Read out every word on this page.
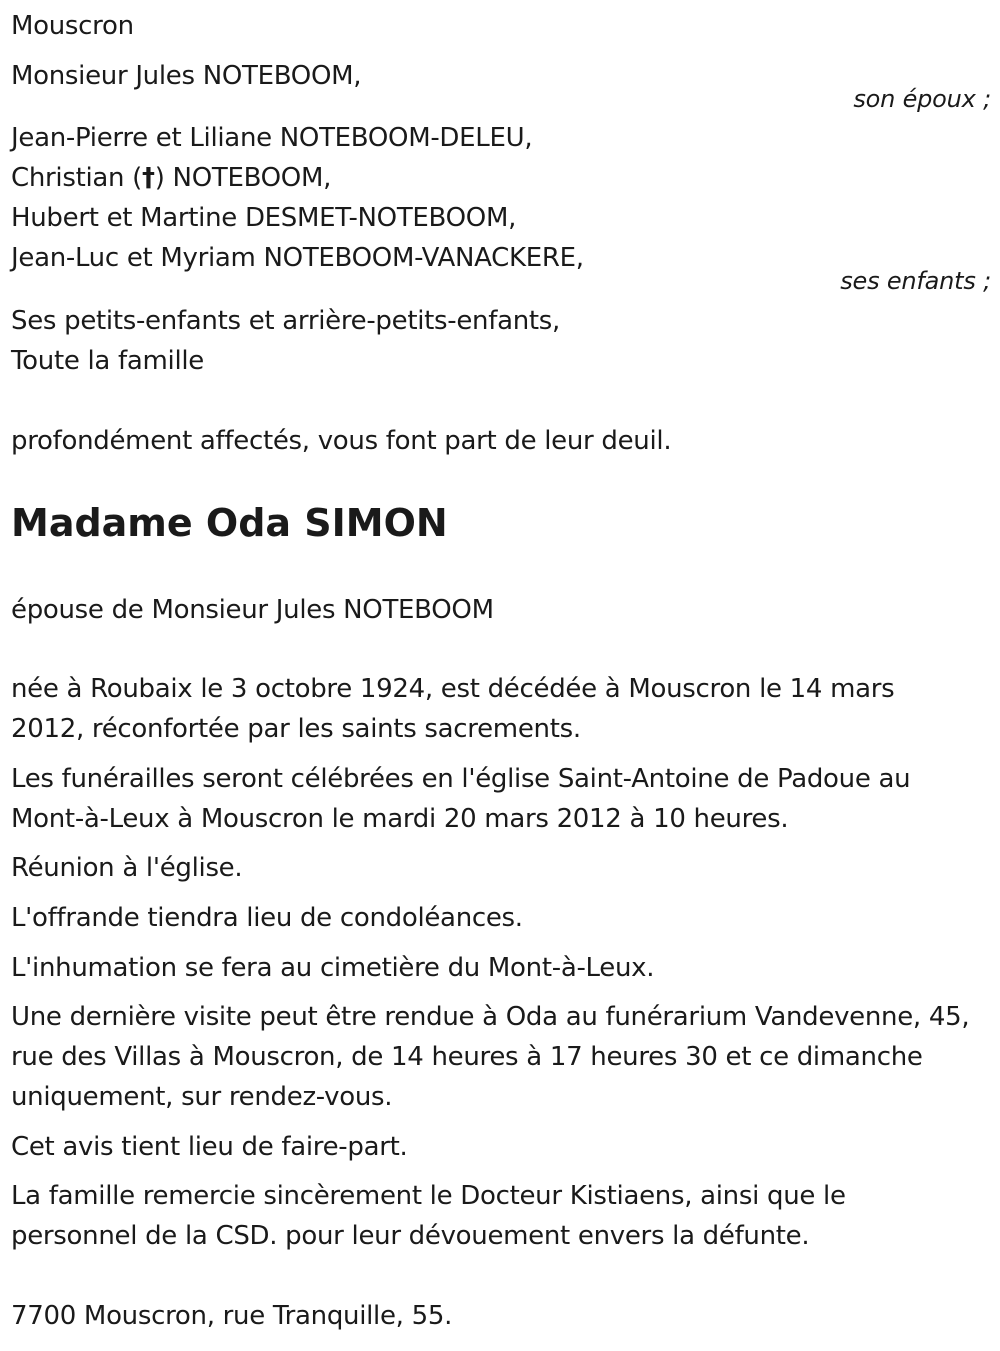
Mouscron
Monsieur Jules NOTEBOOM,
son époux ;
Jean-Pierre et Liliane NOTEBOOM-DELEU,
Christian (†) NOTEBOOM,
Hubert et Martine DESMET-NOTEBOOM,
Jean-Luc et Myriam NOTEBOOM-VANACKERE,
ses enfants ;
Ses petits-enfants et arrière-petits-enfants,
Toute la famille
profondément affectés, vous font part de leur deuil.
Madame Oda SIMON
épouse de Monsieur Jules NOTEBOOM
née à Roubaix le 3 octobre 1924, est décédée à Mouscron le 14 mars 2012, réconfortée par les saints sacrements.
Les funérailles seront célébrées en l'église Saint-Antoine de Padoue au Mont-à-Leux à Mouscron le mardi 20 mars 2012 à 10 heures.
Réunion à l'église.
L'offrande tiendra lieu de condoléances.
L'inhumation se fera au cimetière du Mont-à-Leux.
Une dernière visite peut être rendue à Oda au funérarium Vandevenne, 45, rue des Villas à Mouscron, de 14 heures à 17 heures 30 et ce dimanche uniquement, sur rendez-vous.
Cet avis tient lieu de faire-part.
La famille remercie sincèrement le Docteur Kistiaens, ainsi que le personnel de la CSD. pour leur dévouement envers la défunte.
7700 Mouscron, rue Tranquille, 55.
